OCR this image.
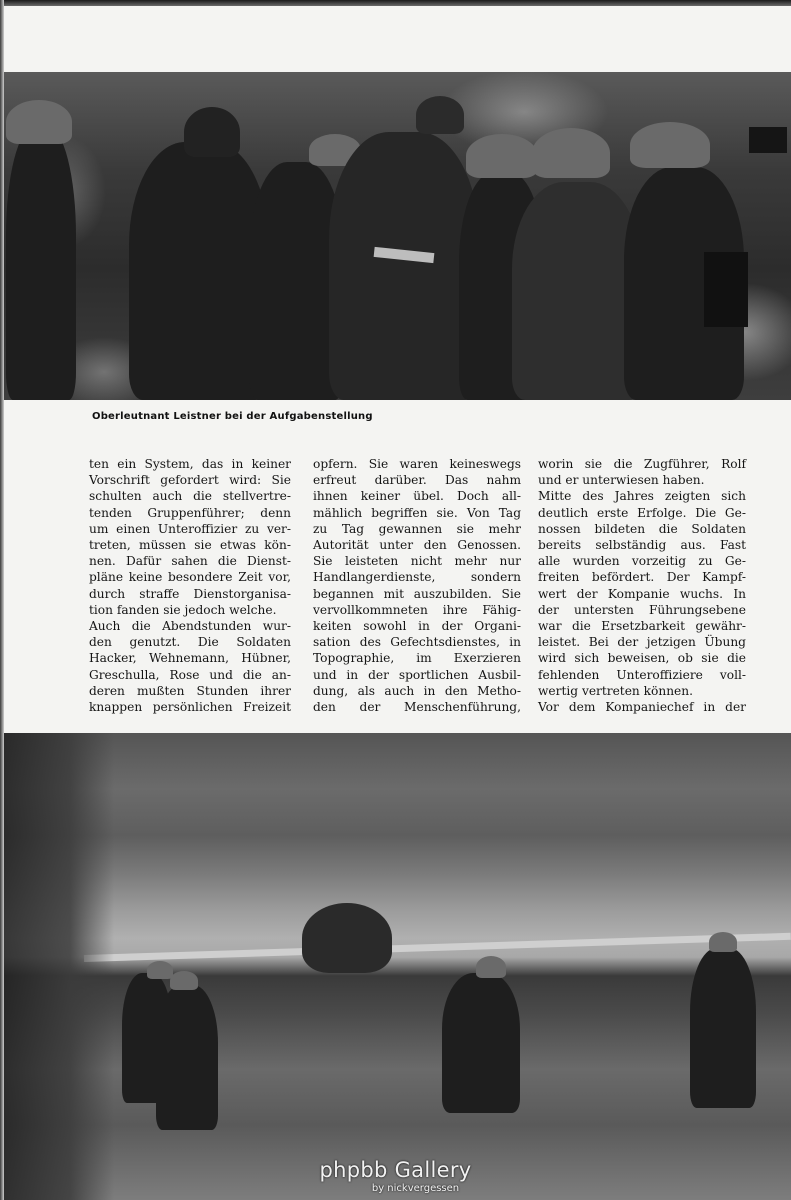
Oberleutnant Leistner bei der Aufgabenstellung
ten ein System, das in keiner
Vorschrift gefordert wird: Sie
schulten auch die stellvertre-
tenden Gruppenführer; denn
um einen Unteroffizier zu ver-
treten, müssen sie etwas kön-
nen. Dafür sahen die Dienst-
pläne keine besondere Zeit vor,
durch straffe Dienstorganisa-
tion fanden sie jedoch welche.
Auch die Abendstunden wur-
den genutzt. Die Soldaten
Hacker, Wehnemann, Hübner,
Greschulla, Rose und die an-
deren mußten Stunden ihrer
knappen persönlichen Freizeit
opfern. Sie waren keineswegs
erfreut darüber. Das nahm
ihnen keiner übel. Doch all-
mählich begriffen sie. Von Tag
zu Tag gewannen sie mehr
Autorität unter den Genossen.
Sie leisteten nicht mehr nur
Handlangerdienste, sondern
begannen mit auszubilden. Sie
vervollkommneten ihre Fähig-
keiten sowohl in der Organi-
sation des Gefechtsdienstes, in
Topographie, im Exerzieren
und in der sportlichen Ausbil-
dung, als auch in den Metho-
den der Menschenführung,
worin sie die Zugführer, Rolf
und er unterwiesen haben.
Mitte des Jahres zeigten sich
deutlich erste Erfolge. Die Ge-
nossen bildeten die Soldaten
bereits selbständig aus. Fast
alle wurden vorzeitig zu Ge-
freiten befördert. Der Kampf-
wert der Kompanie wuchs. In
der untersten Führungsebene
war die Ersetzbarkeit gewähr-
leistet. Bei der jetzigen Übung
wird sich beweisen, ob sie die
fehlenden Unteroffiziere voll-
wertig vertreten können.
Vor dem Kompaniechef in der
phpbb Gallery
by nickvergessen
